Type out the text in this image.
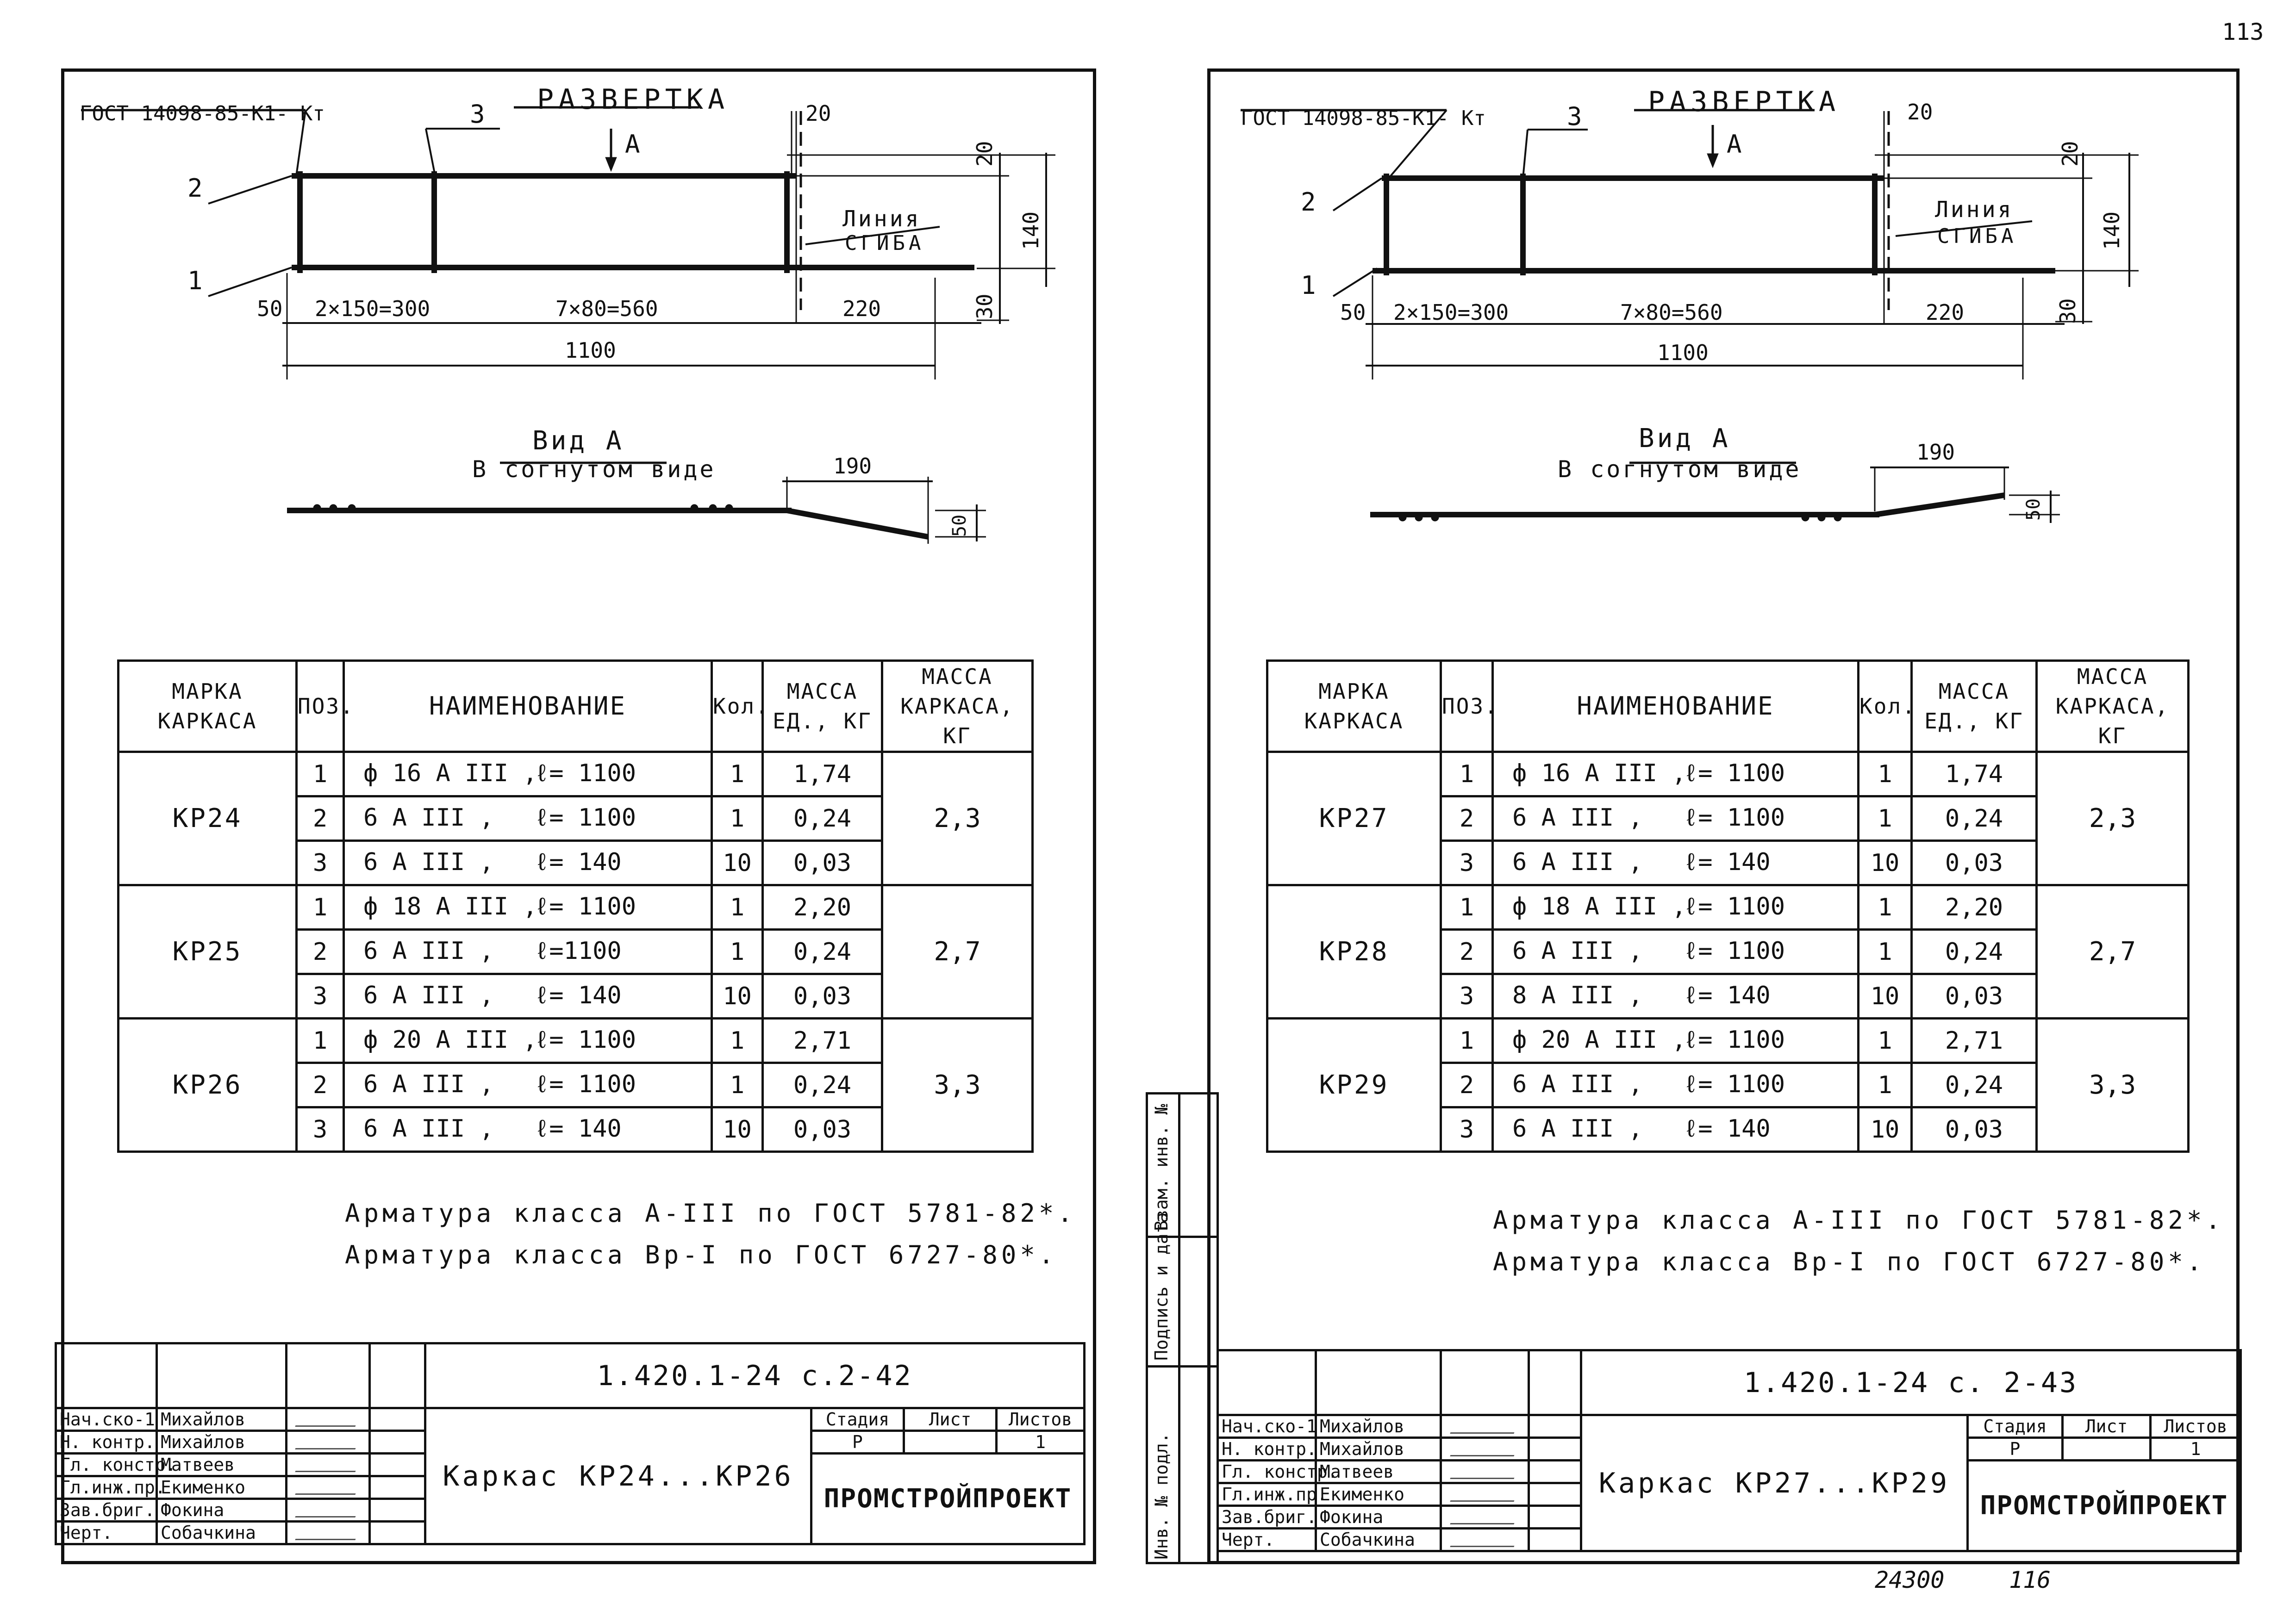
113
ГОСТ 14098-85-К1- Кт	РАЗВЕРТКА
А
3
2
1
Линия
СГИБА
20
50 2×150=300	7×80=560	220
1100
20
140
30
Вид А
В согнутом виде	190
50
МАРКА КАРКАСА	ПОЗ.	НАИМЕНОВАНИЕ	Кол.	МАССА ЕД., КГ	МАССА КАРКАСА, КГ
КР24	1	ф 16 А III ,ℓ= 1100	1	1,74	2,3
	2	6 А III , ℓ= 1100	1	0,24	
	3	6 А III , ℓ= 140	10	0,03	
КР25	1	ф 18 А III ,ℓ= 1100	1	2,20	2,7
	2	6 А III , ℓ=1100	1	0,24	
	3	6 А III , ℓ= 140	10	0,03	
КР26	1	ф 20 А III ,ℓ= 1100	1	2,71	3,3
	2	6 А III , ℓ= 1100	1	0,24	
	3	6 А III , ℓ= 140	10	0,03	
Арматура класса А-III по ГОСТ 5781-82*.
Арматура класса Вр-I по ГОСТ 6727-80*.
				1.420.1-24 с.2-42			
Нач.ско-1	Михайлов			Каркас КР24...КР26	Стадия	Лист	Листов
Н. контр.	Михайлов				Р		1
Гл. констр.	Матвеев				ПРОМСТРОЙПРОЕКТ		
Гл.инж.пр.	Екименко					

Зав.бриг.	Фокина					

Черт.	Собачкина					

ГОСТ 14098-85-К1- Кт
РАЗВЕРТКА
А
3
2
1
Линия
СГИБА
20
50 2×150=300	7×80=560	220
1100
20
140
30
Вид А
В согнутом виде
190
50
МАРКА КАРКАСА	ПОЗ.	НАИМЕНОВАНИЕ	Кол.	МАССА ЕД., КГ	МАССА КАРКАСА, КГ
КР27	1	ф 16 А III ,ℓ= 1100	1	1,74	2,3
	2	6 А III , ℓ= 1100	1	0,24	
	3	6 А III , ℓ= 140	10	0,03	
КР28	1	ф 18 А III ,ℓ= 1100	1	2,20	2,7
	2	6 А III , ℓ= 1100	1	0,24	
	3	8 А III , ℓ= 140	10	0,03	
КР29	1	ф 20 А III ,ℓ= 1100	1	2,71	3,3
	2	6 А III , ℓ= 1100	1	0,24	
	3	6 А III , ℓ= 140	10	0,03	
Арматура класса А-III по ГОСТ 5781-82*.
Арматура класса Вр-I по ГОСТ 6727-80*.
Инв. № подл.
Подпись и дата
Взам. инв. №
				1.420.1-24 с. 2-43			
Нач.ско-1	Михайлов			Каркас КР27...КР29	Стадия	Лист	Листов
Н. контр.	Михайлов				Р		1
Гл. констр.	Матвеев				ПРОМСТРОЙПРОЕКТ		
Гл.инж.пр.	Екименко					

Зав.бриг.	Фокина					

Черт.	Собачкина					

24300	116
